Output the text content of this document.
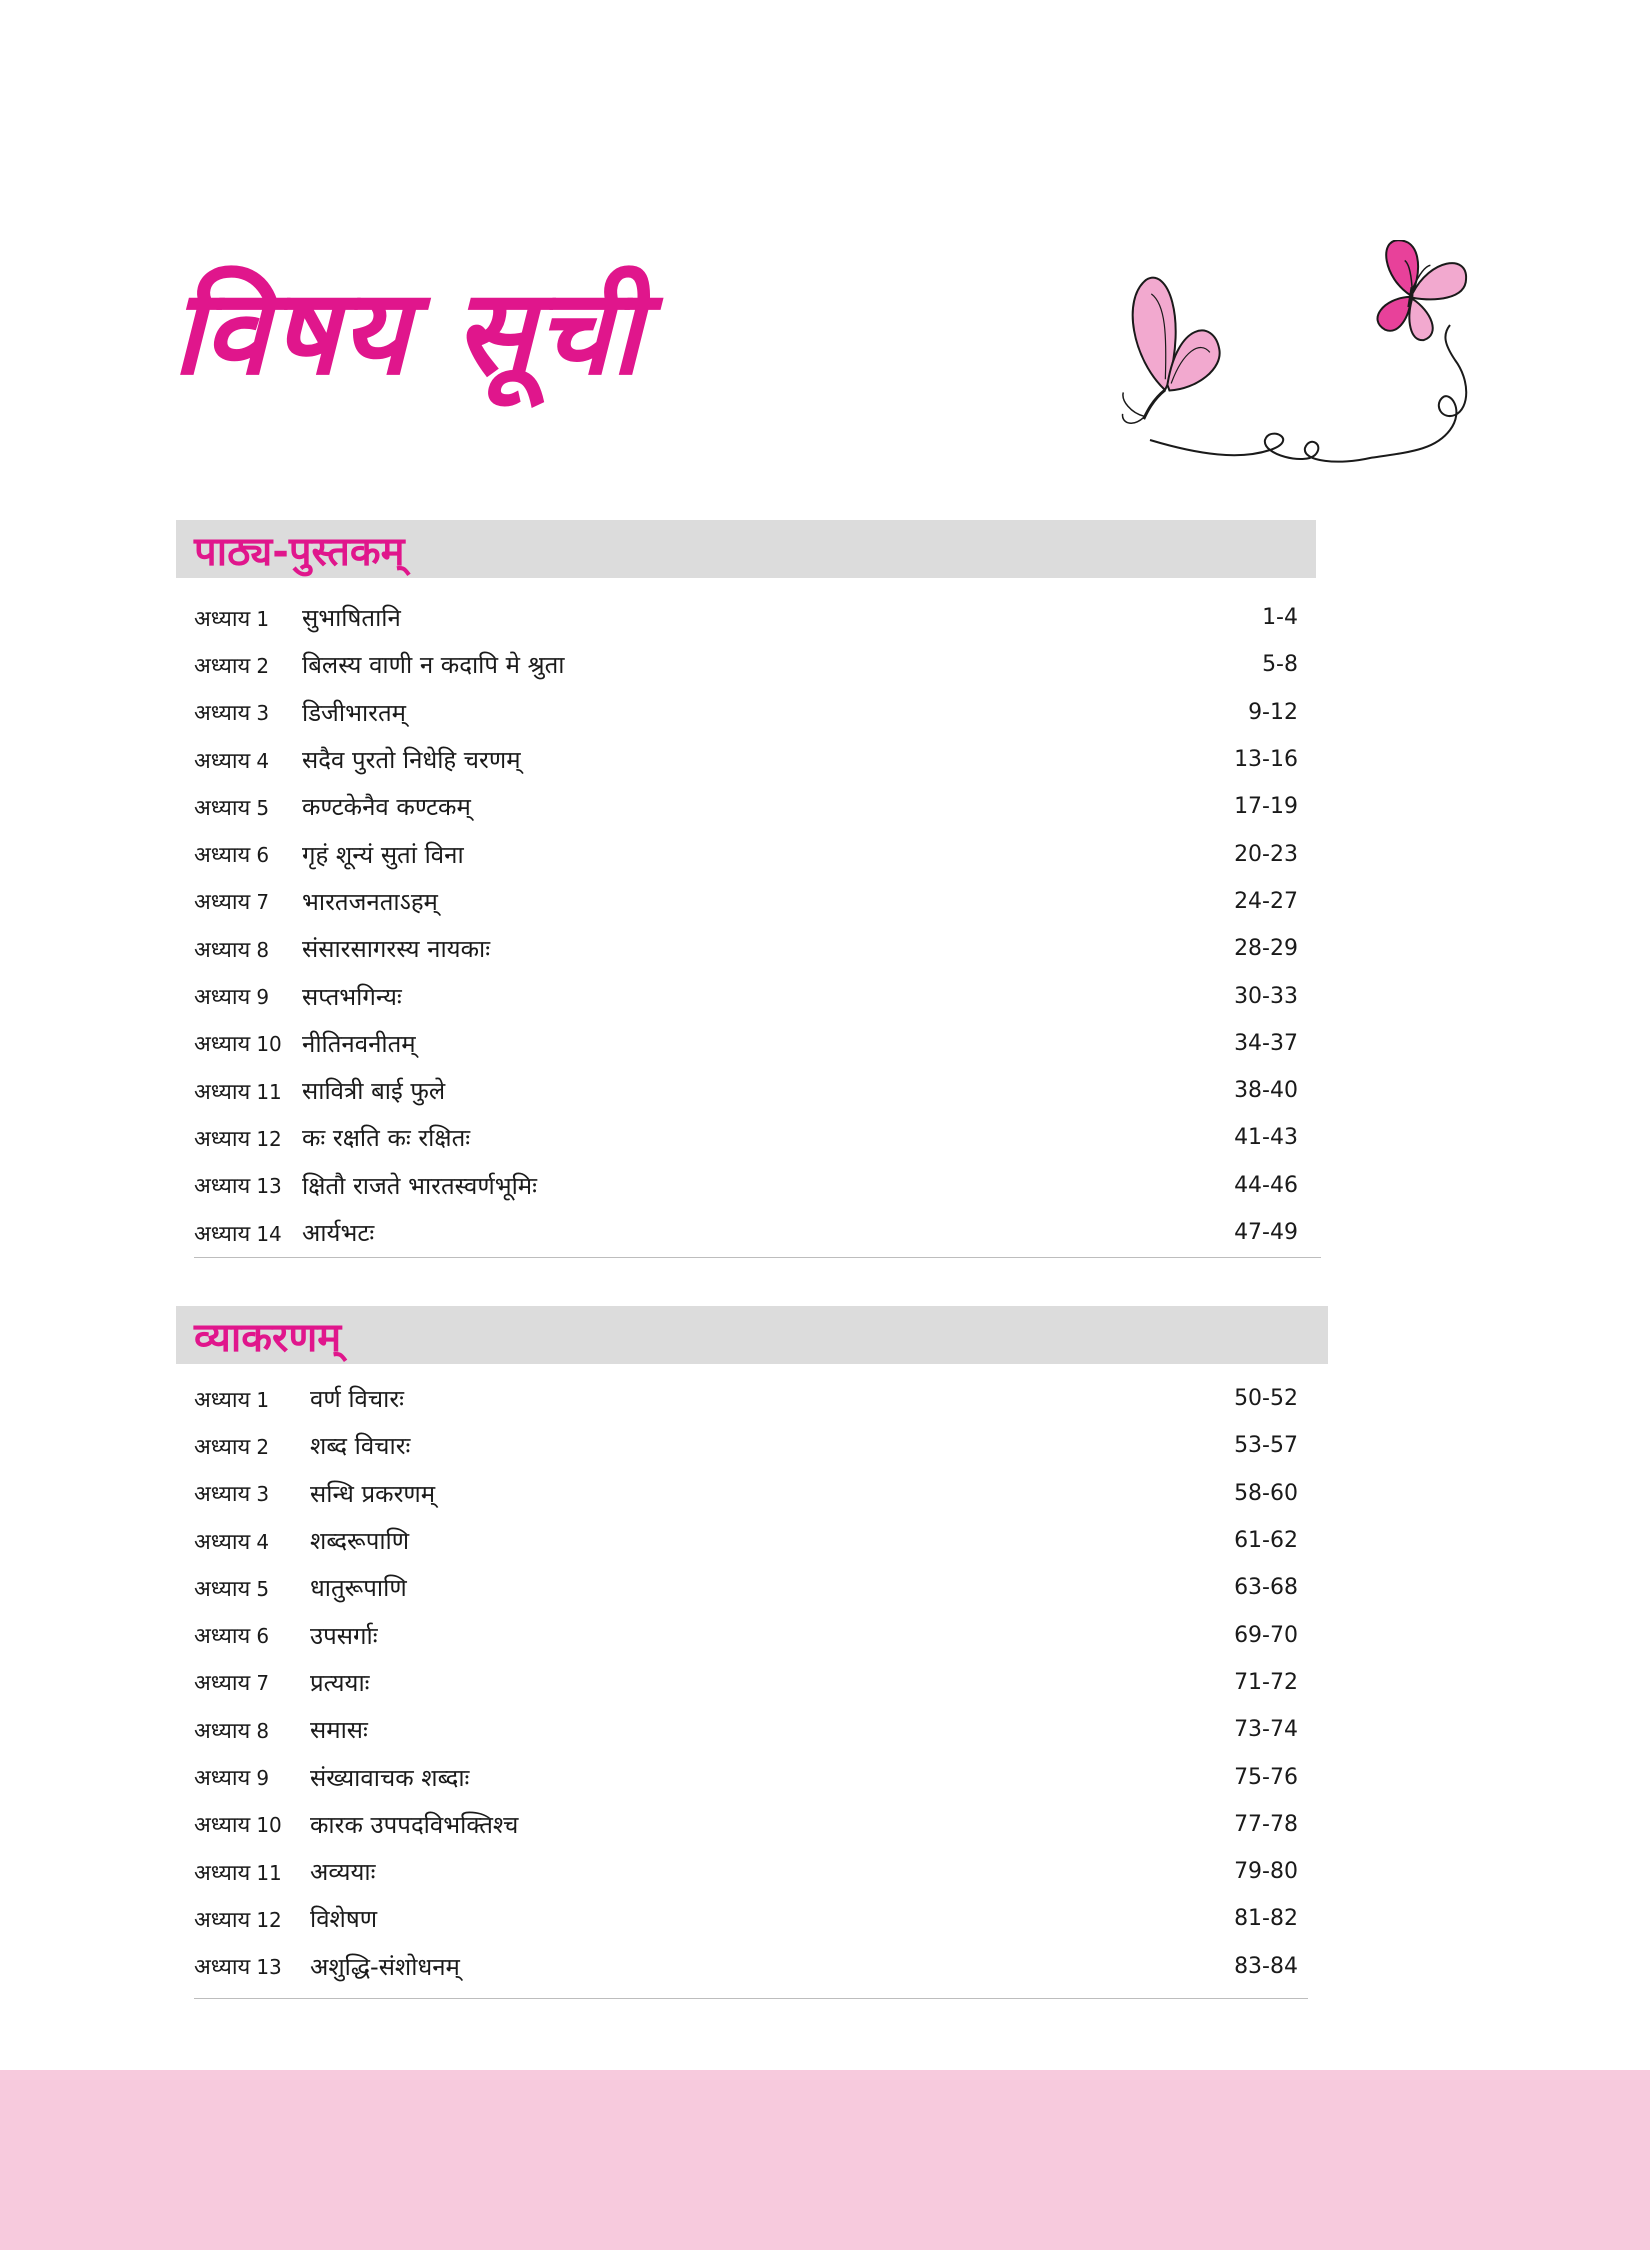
विषय सूची
पाठ्य-पुस्तकम्
अध्याय 1	सुभाषितानि	1-4
अध्याय 2	बिलस्य वाणी न कदापि मे श्रुता	5-8
अध्याय 3	डिजीभारतम्	9-12
अध्याय 4	सदैव पुरतो निधेहि चरणम्	13-16
अध्याय 5	कण्टकेनैव कण्टकम्	17-19
अध्याय 6	गृहं शून्यं सुतां विना	20-23
अध्याय 7	भारतजनताऽहम्	24-27
अध्याय 8	संसारसागरस्य नायकाः	28-29
अध्याय 9	सप्तभगिन्यः	30-33
अध्याय 10 नीतिनवनीतम्	34-37
अध्याय 11 सावित्री बाई फुले	38-40
अध्याय 12 कः रक्षति कः रक्षितः	41-43
अध्याय 13 क्षितौ राजते भारतस्वर्णभूमिः	44-46
अध्याय 14 आर्यभटः	47-49
व्याकरणम्
अध्याय 1	वर्ण विचारः	50-52
अध्याय 2	शब्द विचारः	53-57
अध्याय 3	सन्धि प्रकरणम्	58-60
अध्याय 4	शब्दरूपाणि	61-62
अध्याय 5	धातुरूपाणि	63-68
अध्याय 6	उपसर्गाः	69-70
अध्याय 7	प्रत्ययाः	71-72
अध्याय 8	समासः	73-74
अध्याय 9	संख्यावाचक शब्दाः	75-76
अध्याय 10	कारक उपपदविभक्तिश्च	77-78
अध्याय 11	अव्ययाः	79-80
अध्याय 12	विशेषण	81-82
अध्याय 13	अशुद्धि-संशोधनम्	83-84
